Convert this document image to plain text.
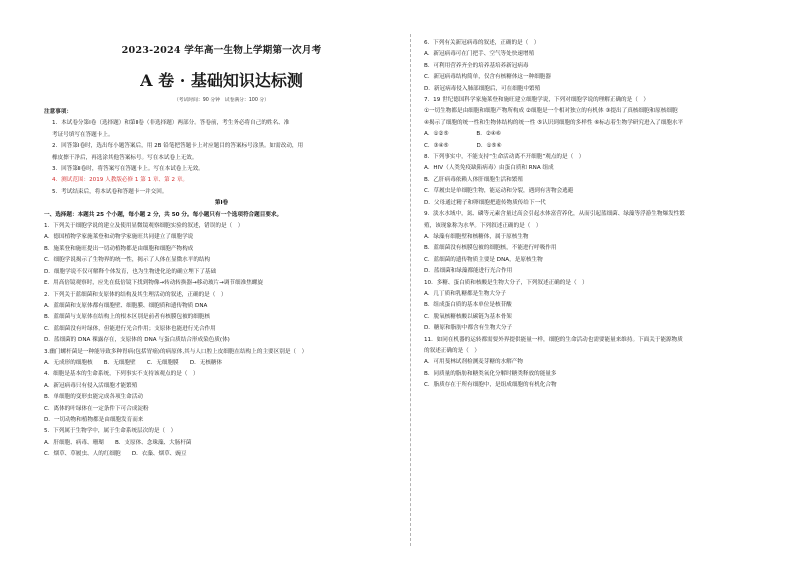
2023-2024 学年高一生物上学期第一次月考
A 卷 · 基础知识达标测
（考试时间：90 分钟　试卷满分：100 分）
注意事项：
1．本试卷分第Ⅰ卷（选择题）和第Ⅱ卷（非选择题）两部分。答卷前，考生务必将自己的姓名、准
考证号填写在答题卡上。
2．回答第Ⅰ卷时，选出每小题答案后，用 2B 铅笔把答题卡上对应题目的答案标号涂黑。如需改动，用
橡皮擦干净后，再选涂其他答案标号。写在本试卷上无效。
3．回答第Ⅱ卷时，将答案写在答题卡上。写在本试卷上无效。
4．测试范围：2019 人教版必修 1 第 1 章、第 2 章。
5．考试结束后，将本试卷和答题卡一并交回。
第Ⅰ卷
一、选择题：本题共 25 个小题，每小题 2 分，共 50 分。每小题只有一个选项符合题目要求。
1．下列关于细胞学说的建立及使用显微镜观察细胞实验的叙述，错误的是（　）
A．德国植物学家施莱登和动物学家施旺共同建立了细胞学说
B．施莱登和施旺提出一切动植物都是由细胞和细胞产物构成
C．细胞学说揭示了生物界的统一性，揭示了人体在显微水平的结构
D．细胞学说不仅可解释个体发育，也为生物进化论的确立埋下了基础
E．用高倍镜观察时，应先在低倍镜下找到物像→转动转换器→移动玻片→调节细准焦螺旋
2．下列关于蓝细菌和支原体的结构及其生理活动的叙述，正确的是（　）
A．蓝细菌和支原体都有细胞壁、细胞膜、细胞质和遗传物质 DNA
B．蓝细菌与支原体在结构上的根本区别是前者有核膜包被的细胞核
C．蓝细菌没有叶绿体，但能进行光合作用；支原体也能进行光合作用
D．蓝细菌的 DNA 裸露存在，支原体的 DNA 与蛋白质结合形成染色质(体)
3.幽门螺杆菌是一种能导致多种胃病(包括胃癌)的病原体,其与人口腔上皮细胞在结构上的主要区别是（　）
A．无成形的细胞核　　B．无细胞壁　　C．无细胞膜　　D．无核糖体
4．细胞是基本的生命系统，下列事实不支持该观点的是（　）
A．新冠病毒只有侵入活细胞才能繁殖
B．单细胞的变形虫能完成各项生命活动
C．离体的叶绿体在一定条件下可合成淀粉
D．一切动物和植物都是由细胞发育而来
5．下列属于生物学中，属于生命系统层次的是（　）
A．肝细胞、病毒、珊瑚　　B．支原体、念珠藻、大肠杆菌
C．烟草、草履虫、人的红细胞　　D．衣藻、烟草、豌豆
6．下列有关新冠病毒的叙述，正确的是（　）
A．新冠病毒可在门把手、空气等处快速增殖
B．可利用营养齐全的培养基培养新冠病毒
C．新冠病毒结构简单，仅含有核糖体这一种细胞器
D．新冠病毒侵入肺部细胞后，可在细胞中繁殖
7．19 世纪德国科学家施莱登和施旺建立细胞学说，下列对细胞学说的理解正确的是（　）
①一切生物都是由细胞和细胞产物所构成 ②细胞是一个相对独立的有机体 ③提出了真核细胞和原核细胞
④揭示了细胞的统一性和生物体结构的统一性 ⑤认识到细胞的多样性 ⑥标志着生物学研究进入了细胞水平
A．①②⑤　　　　　B．②④⑥
C．③④⑤　　　　　D．①⑤⑥
8．下列事实中，不能支持“生命活动离不开细胞”观点的是（　）
A．HIV（人类免疫缺陷病毒）由蛋白质和 RNA 组成
B．乙肝病毒依赖人体肝细胞生活和繁殖
C．草履虫是单细胞生物，能运动和分裂，遇到有害物会逃避
D．父母通过精子和卵细胞把遗传物质传给下一代
9．淡水水域中，氮、磷等元素含量过高会引起水体富营养化，从而引起蓝细菌、绿藻等浮游生物爆发性繁
殖，该现象称为水华。下列叙述正确的是（　）
A．绿藻有细胞壁和核糖体，属于原核生物
B．蓝细菌没有核膜包被的细胞核，不能进行呼吸作用
C．蓝细菌的遗传物质主要是 DNA，是原核生物
D．蓝细菌和绿藻都能进行光合作用
10．多糖、蛋白质和核酸是生物大分子，下列叙述正确的是（　）
A．几丁质和乳糖都是生物大分子
B．组成蛋白质的基本单位是核苷酸
C．脱氧核糖核酸以碳链为基本骨架
D．糖原和脂肪中都含有生物大分子
11．如同在机器的运转都需要外界提供能量一样，细胞的生命活动也需要能量来维持。下面关于能源物质
的叙述正确的是（　）
A．可用斐林试剂检测麦芽糖的水解产物
B．同质量的脂肪和糖类氧化分解时糖类释放的能量多
C．脂质存在于所有细胞中，是组成细胞的有机化合物
